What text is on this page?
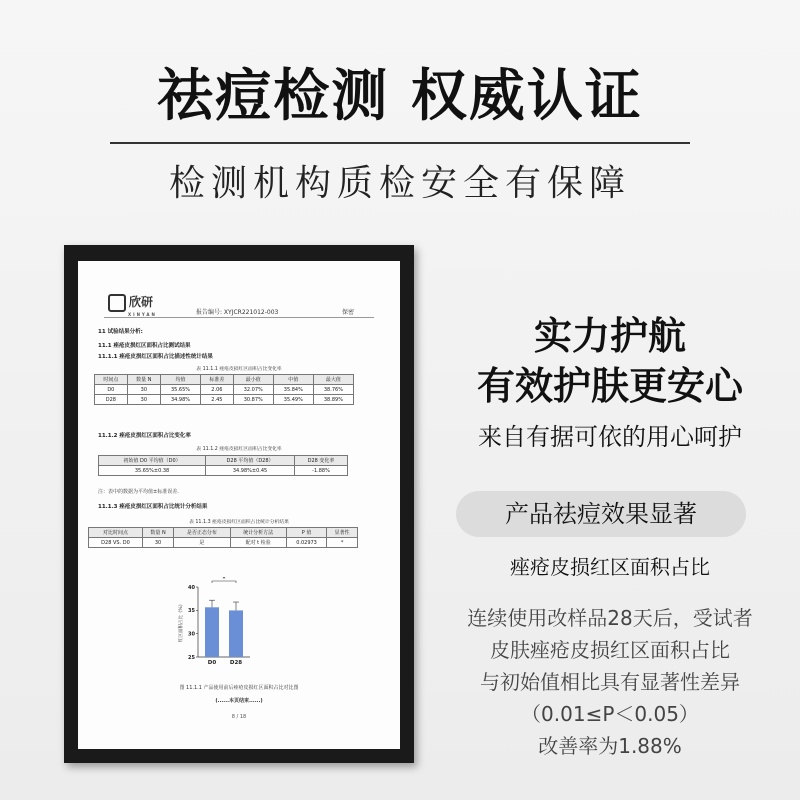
祛痘检测 权威认证
检测机构质检安全有保障
欣研
XINYAN	报告编号: XYJCR221012-003	保密
11 试验结果分析:
11.1 痤疮皮损红区面积占比测试结果
11.1.1 痤疮皮损红区面积占比描述性统计结果
表 11.1.1 痤疮皮损红区面积占比变化率
时间点	数量 N	均值	标准差	最小值	中值	最大值
D0	30	35.65%	2.06	32.07%	35.84%	38.76%
D28	30	34.98%	2.45	30.87%	35.49%	38.89%
11.1.2 痤疮皮损红区面积占比变化率
表 11.1.2 痤疮皮损红区面积占比变化率
初始值 D0 平均值（D0）	D28 平均值（D28）	D28 变化率
35.65%±0.38	34.98%±0.45	-1.88%
注：表中的数据为平均值±标准误差.
11.1.3 痤疮皮损红区面积占比统计分析结果
表 11.1.3 痤疮皮损红区面积占比统计分析结果
对比时间点	数量 N	是否正态分布	统计分析方法	P 值	显著性
D28 VS. D0	30	是	配对 t 检验	0.02973	*
40
35
30
25
红区面积占比（%）
D0 D28
*
图 11.1.1 产品使用前后痤疮皮损红区面积占比对比图
(......本页结束......)
8 / 18
实力护航
有效护肤更安心
来自有据可依的用心呵护
产品祛痘效果显著
痤疮皮损红区面积占比
连续使用改样品28天后，受试者
皮肤痤疮皮损红区面积占比
与初始值相比具有显著性差异
（0.01≤P＜0.05）
改善率为1.88%
